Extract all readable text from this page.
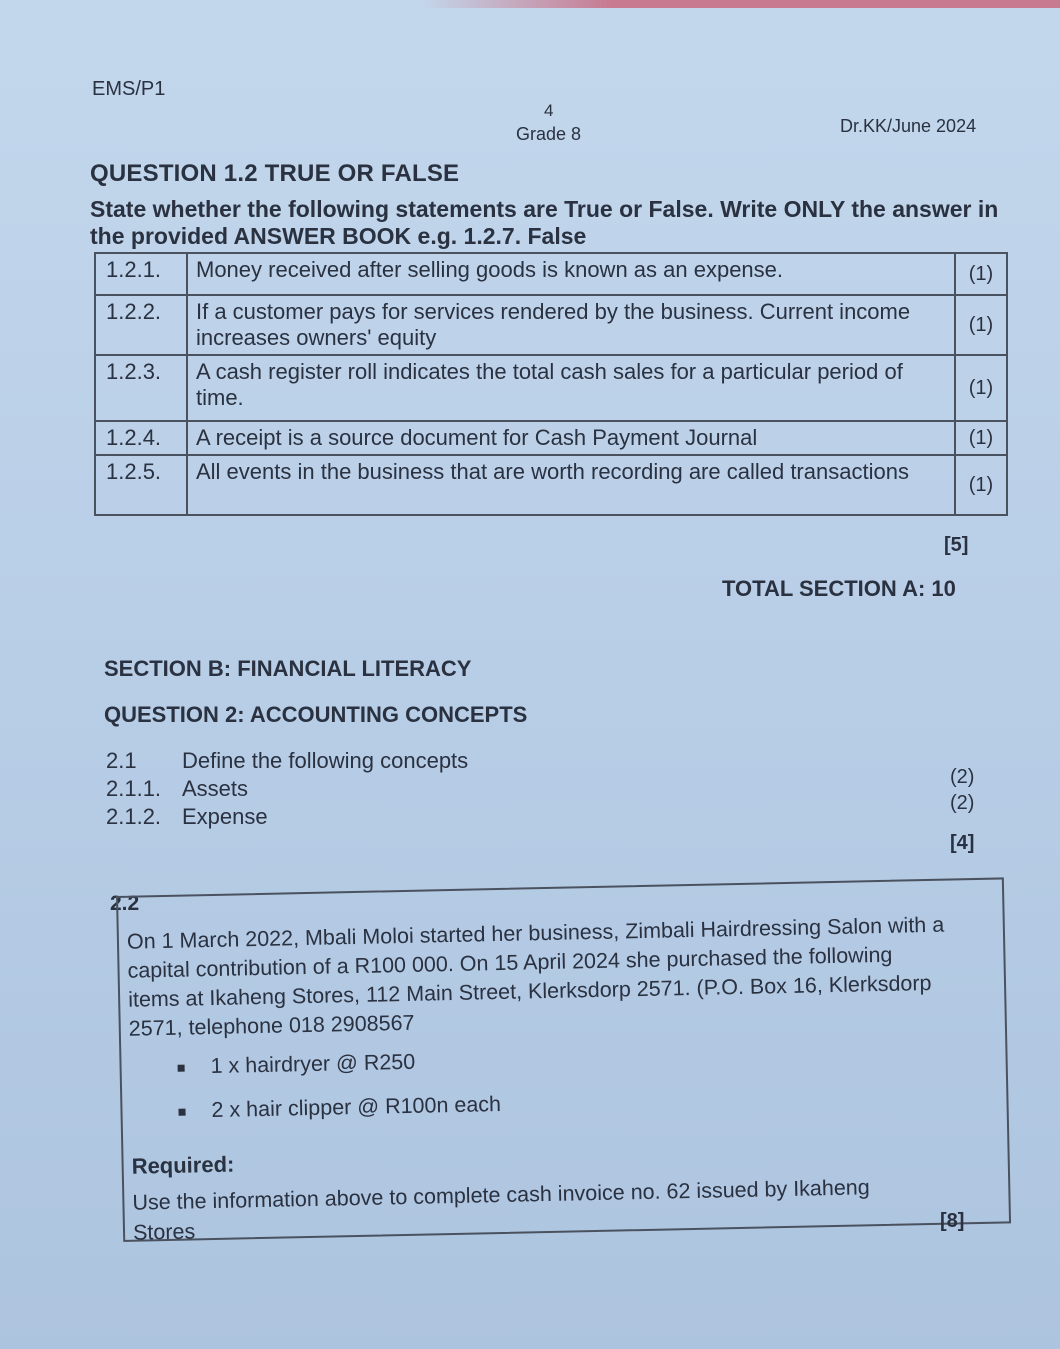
EMS/P1
4
Grade 8	Dr.KK/June 2024
QUESTION 1.2 TRUE OR FALSE
State whether the following statements are True or False. Write ONLY the answer in the provided ANSWER BOOK e.g. 1.2.7. False
1.2.1.	Money received after selling goods is known as an expense.	(1)
1.2.2.	If a customer pays for services rendered by the business. Current income increases owners' equity	(1)
1.2.3.	A cash register roll indicates the total cash sales for a particular period of time.	(1)
1.2.4.	A receipt is a source document for Cash Payment Journal	(1)
1.2.5.	All events in the business that are worth recording are called transactions	(1)
[5]
TOTAL SECTION A: 10
SECTION B: FINANCIAL LITERACY
QUESTION 2: ACCOUNTING CONCEPTS
2.1 Define the following concepts
2.1.1. Assets
2.1.2. Expense
(2)
(2)
[4]
2.2
On 1 March 2022, Mbali Moloi started her business, Zimbali Hairdressing Salon with a capital contribution of a R100 000. On 15 April 2024 she purchased the following items at Ikaheng Stores, 112 Main Street, Klerksdorp 2571. (P.O. Box 16, Klerksdorp 2571, telephone 018 2908567
1 x hairdryer @ R250
2 x hair clipper @ R100n each
Required:
Use the information above to complete cash invoice no. 62 issued by Ikaheng Stores	[8]
